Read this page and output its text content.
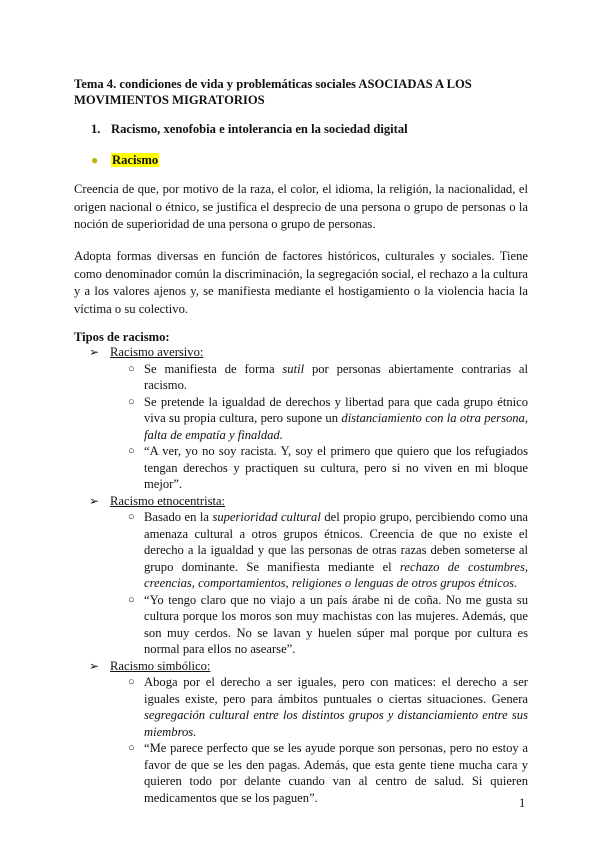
Tema 4. condiciones de vida y problemáticas sociales ASOCIADAS A LOS MOVIMIENTOS MIGRATORIOS
1. Racismo, xenofobia e intolerancia en la sociedad digital
● Racismo

Creencia de que, por motivo de la raza, el color, el idioma, la religión, la nacionalidad, el origen nacional o étnico, se justifica el desprecio de una persona o grupo de personas o la noción de superioridad de una persona o grupo de personas.

Adopta formas diversas en función de factores históricos, culturales y sociales. Tiene como denominador común la discriminación, la segregación social, el rechazo a la cultura y a los valores ajenos y, se manifiesta mediante el hostigamiento o la violencia hacia la víctima o su colectivo.

Tipos de racismo:
➢ Racismo aversivo:
○ Se manifiesta de forma sutil por personas abiertamente contrarias al racismo.
○ Se pretende la igualdad de derechos y libertad para que cada grupo étnico viva su propia cultura, pero supone un distanciamiento con la otra persona, falta de empatía y finaldad.
○ “A ver, yo no soy racista. Y, soy el primero que quiero que los refugiados tengan derechos y practiquen su cultura, pero si no viven en mi bloque mejor”.
➢ Racismo etnocentrista:
○ Basado en la superioridad cultural del propio grupo, percibiendo como una amenaza cultural a otros grupos étnicos. Creencia de que no existe el derecho a la igualdad y que las personas de otras razas deben someterse al grupo dominante. Se manifiesta mediante el rechazo de costumbres, creencias, comportamientos, religiones o lenguas de otros grupos étnicos.
○ “Yo tengo claro que no viajo a un país árabe ni de coña. No me gusta su cultura porque los moros son muy machistas con las mujeres. Además, que son muy cerdos. No se lavan y huelen súper mal porque por cultura es normal para ellos no asearse”.
➢ Racismo simbólico:
○ Aboga por el derecho a ser iguales, pero con matices: el derecho a ser iguales existe, pero para ámbitos puntuales o ciertas situaciones. Genera segregación cultural entre los distintos grupos y distanciamiento entre sus miembros.
○ “Me parece perfecto que se les ayude porque son personas, pero no estoy a favor de que se les den pagas. Además, que esta gente tiene mucha cara y quieren todo por delante cuando van al centro de salud. Si quieren medicamentos que se los paguen”.	1
